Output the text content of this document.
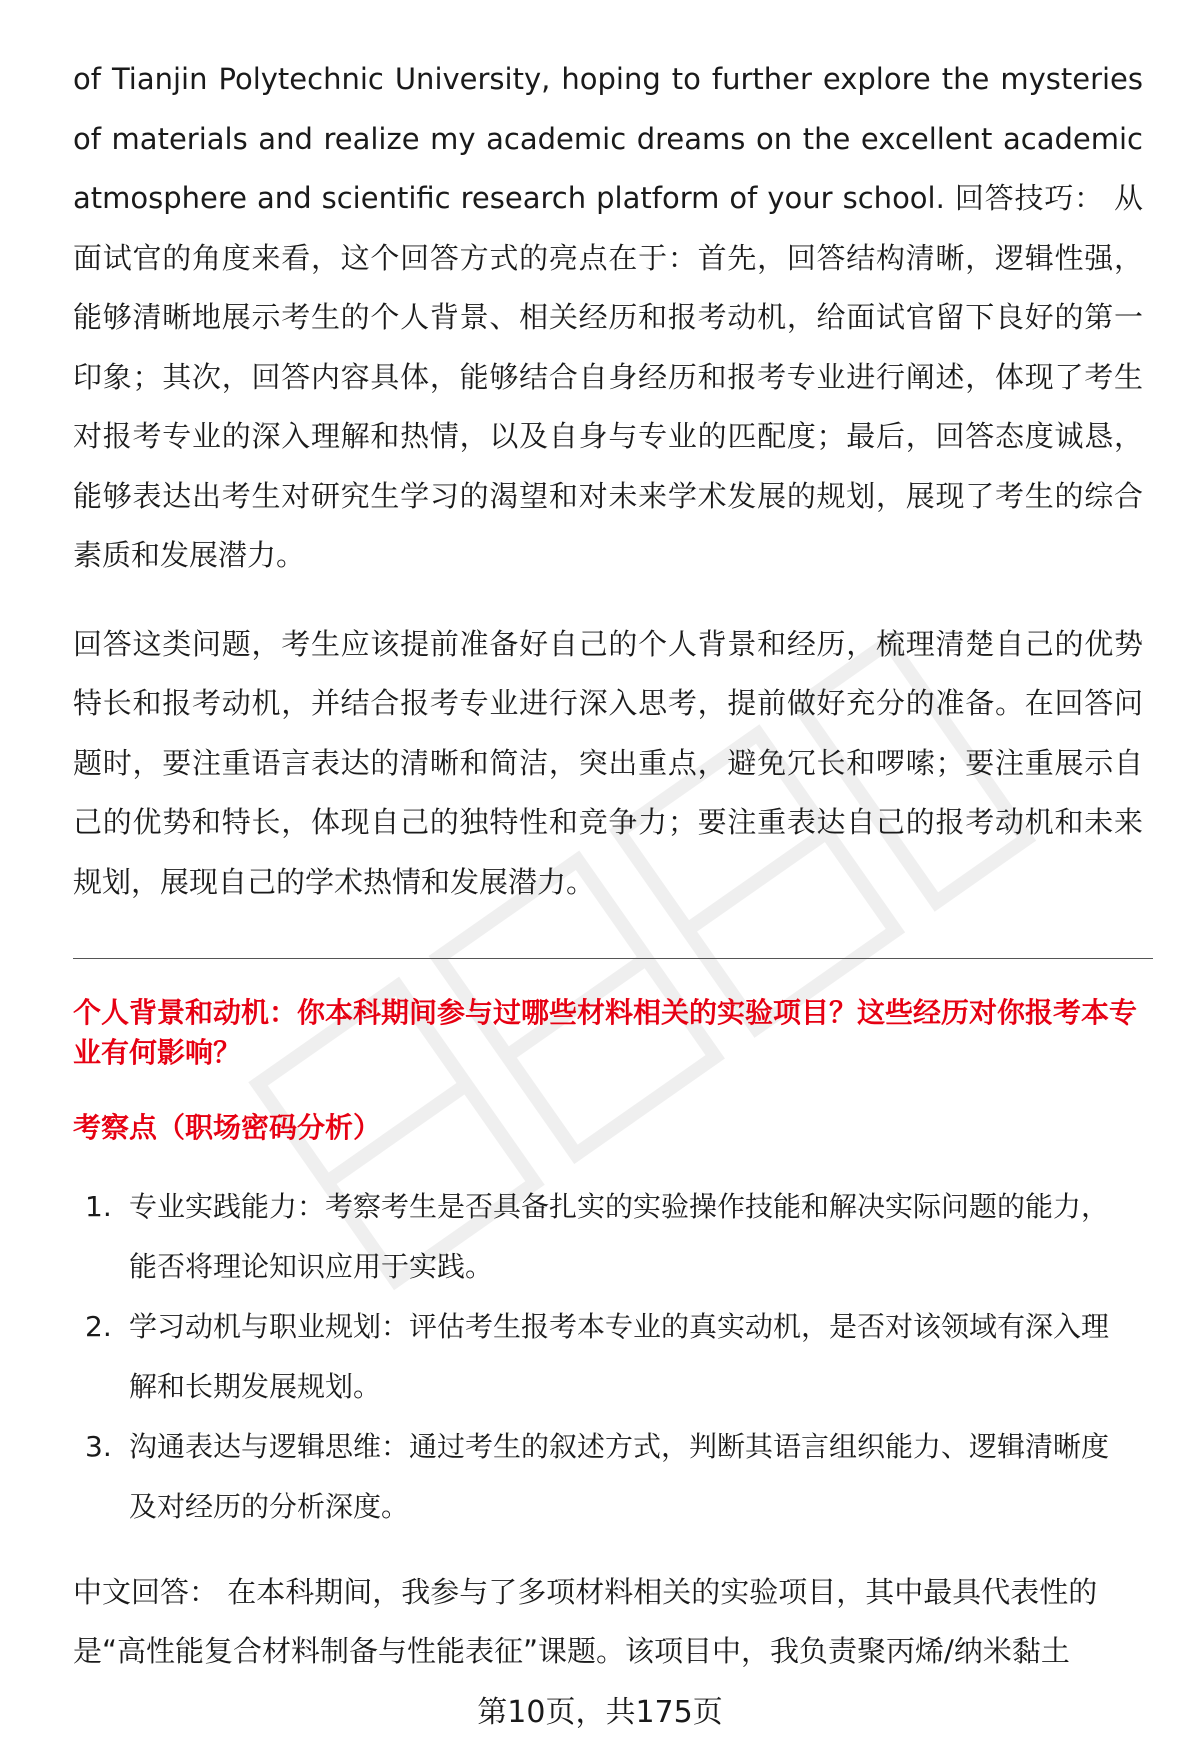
of Tianjin Polytechnic University, hoping to further explore the mysteries of materials and realize my academic dreams on the excellent academic atmosphere and scientific research platform of your school. 回答技巧： 从面试官的角度来看，这个回答方式的亮点在于：首先，回答结构清晰，逻辑性强，能够清晰地展示考生的个人背景、相关经历和报考动机，给面试官留下良好的第一印象；其次，回答内容具体，能够结合自身经历和报考专业进行阐述，体现了考生对报考专业的深入理解和热情，以及自身与专业的匹配度；最后，回答态度诚恳，能够表达出考生对研究生学习的渴望和对未来学术发展的规划，展现了考生的综合素质和发展潜力。

回答这类问题，考生应该提前准备好自己的个人背景和经历，梳理清楚自己的优势特长和报考动机，并结合报考专业进行深入思考，提前做好充分的准备。在回答问题时，要注重语言表达的清晰和简洁，突出重点，避免冗长和啰嗦；要注重展示自己的优势和特长，体现自己的独特性和竞争力；要注重表达自己的报考动机和未来规划，展现自己的学术热情和发展潜力。

个人背景和动机：你本科期间参与过哪些材料相关的实验项目？这些经历对你报考本专业有何影响？

考察点（职场密码分析）

1. 专业实践能力：考察考生是否具备扎实的实验操作技能和解决实际问题的能力，能否将理论知识应用于实践。
2. 学习动机与职业规划：评估考生报考本专业的真实动机，是否对该领域有深入理解和长期发展规划。
3. 沟通表达与逻辑思维：通过考生的叙述方式，判断其语言组织能力、逻辑清晰度及对经历的分析深度。

中文回答： 在本科期间，我参与了多项材料相关的实验项目，其中最具代表性的是“高性能复合材料制备与性能表征”课题。该项目中，我负责聚丙烯/纳米黏土

第10页，共175页
